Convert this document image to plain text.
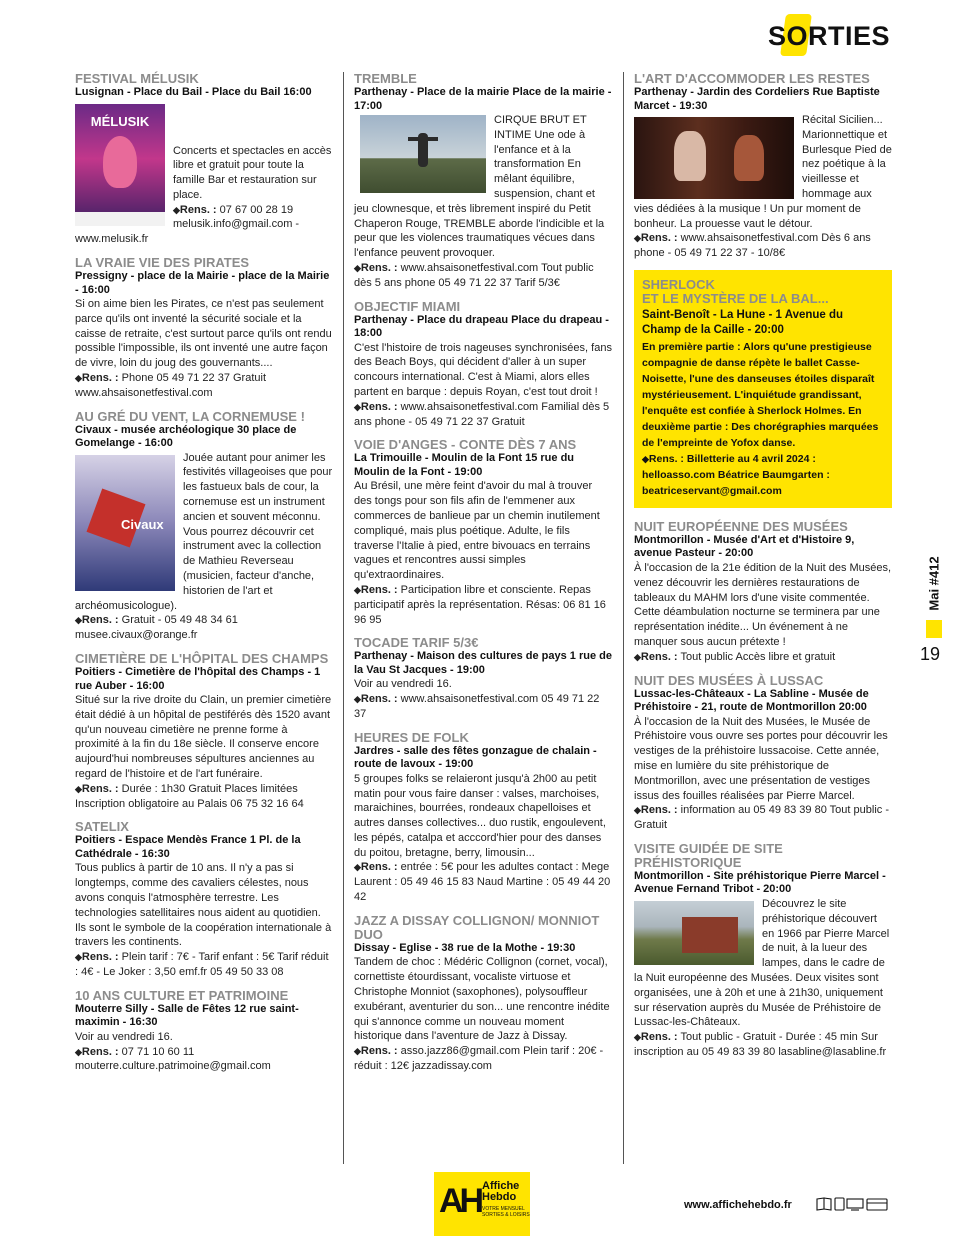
S
ORTIES
Mai #412
19
FESTIVAL MÉLUSIK
Lusignan - Place du Bail - Place du Bail 16:00
MÉLUSIK
Concerts et spectacles en accès libre et gratuit pour toute la famille Bar et restauration sur place.
◆ Rens. : 07 67 00 28 19 melusik.info@gmail.com - www.melusik.fr
LA VRAIE VIE DES PIRATES
Pressigny - place de la Mairie - place de la Mairie - 16:00
Si on aime bien les Pirates, ce n'est pas seulement parce qu'ils ont inventé la sécurité sociale et la caisse de retraite, c'est surtout parce qu'ils ont rendu possible l'impossible, ils ont inventé une autre façon de vivre, loin du joug des gouvernants....
◆ Rens. : Phone 05 49 71 22 37 Gratuit www.ahsaisonetfestival.com
AU GRÉ DU VENT, LA CORNEMUSE !
Civaux - musée archéologique 30 place de Gomelange - 16:00
Civaux
Jouée autant pour animer les festivités villageoises que pour les fastueux bals de cour, la cornemuse est un instrument ancien et souvent méconnu. Vous pourrez découvrir cet instrument avec la collection de Mathieu Reverseau (musicien, facteur d'anche, historien de l'art et archéomusicologue).
◆ Rens. : Gratuit - 05 49 48 34 61 musee.civaux@orange.fr
CIMETIÈRE DE L'HÔPITAL DES CHAMPS
Poitiers - Cimetière de l'hôpital des Champs - 1 rue Auber - 16:00
Situé sur la rive droite du Clain, un premier cimetière était dédié à un hôpital de pestiférés dès 1520 avant qu'un nouveau cimetière ne prenne forme à proximité à la fin du 18e siècle. Il conserve encore aujourd'hui nombreuses sépultures anciennes au regard de l'histoire et de l'art funéraire.
◆ Rens. : Durée : 1h30 Gratuit Places limitées Inscription obligatoire au Palais 06 75 32 16 64
SATELIX
Poitiers - Espace Mendès France 1 Pl. de la Cathédrale - 16:30
Tous publics à partir de 10 ans. Il n'y a pas si longtemps, comme des cavaliers célestes, nous avons conquis l'atmosphère terrestre. Les technologies satellitaires nous aident au quotidien. Ils sont le symbole de la coopération internationale à travers les continents.
◆ Rens. : Plein tarif : 7€ - Tarif enfant : 5€ Tarif réduit : 4€ - Le Joker : 3,50 emf.fr 05 49 50 33 08
10 ANS CULTURE ET PATRIMOINE
Mouterre Silly - Salle de Fêtes 12 rue saint-maximin - 16:30
Voir au vendredi 16.
◆ Rens. : 07 71 10 60 11 mouterre.culture.patrimoine@gmail.com
TREMBLE
Parthenay - Place de la mairie Place de la mairie - 17:00
CIRQUE BRUT ET INTIME Une ode à l'enfance et à la transformation En mêlant équilibre, suspension, chant et jeu clownesque, et très librement inspiré du Petit Chaperon Rouge, TREMBLE aborde l'indicible et la peur que les violences traumatiques vécues dans l'enfance peuvent provoquer.
◆ Rens. : www.ahsaisonetfestival.com Tout public dès 5 ans phone 05 49 71 22 37 Tarif 5/3€
OBJECTIF MIAMI
Parthenay - Place du drapeau Place du drapeau - 18:00
C'est l'histoire de trois nageuses synchronisées, fans des Beach Boys, qui décident d'aller à un super concours international. C'est à Miami, alors elles partent en barque : depuis Royan, c'est tout droit !
◆ Rens. : www.ahsaisonetfestival.com Familial dès 5 ans phone - 05 49 71 22 37 Gratuit
VOIE D'ANGES - CONTE DÈS 7 ANS
La Trimouille - Moulin de la Font 15 rue du Moulin de la Font - 19:00
Au Brésil, une mère feint d'avoir du mal à trouver des tongs pour son fils afin de l'emmener aux commerces de banlieue par un chemin inutilement compliqué, mais plus poétique. Adulte, le fils traverse l'Italie à pied, entre bivouacs en terrains vagues et rencontres aussi simples qu'extraordinaires.
◆ Rens. : Participation libre et consciente. Repas participatif après la représentation. Résas: 06 81 16 96 95
TOCADE TARIF 5/3€
Parthenay - Maison des cultures de pays 1 rue de la Vau St Jacques - 19:00
Voir au vendredi 16.
◆ Rens. : www.ahsaisonetfestival.com 05 49 71 22 37
HEURES DE FOLK
Jardres - salle des fêtes gonzague de chalain - route de lavoux - 19:00
5 groupes folks se relaieront jusqu'à 2h00 au petit matin pour vous faire danser : valses, marchoises, maraichines, bourrées, rondeaux chapelloises et autres danses collectives... duo rustik, engoulevent, les pépés, catalpa et acccord'hier pour des danses du poitou, bretagne, berry, limousin...
◆ Rens. : entrée : 5€ pour les adultes contact : Mege Laurent : 05 49 46 15 83 Naud Martine : 05 49 44 20 42
JAZZ A DISSAY COLLIGNON/ MONNIOT DUO
Dissay - Eglise - 38 rue de la Mothe - 19:30
Tandem de choc : Médéric Collignon (cornet, vocal), cornettiste étourdissant, vocaliste virtuose et Christophe Monniot (saxophones), polysouffleur exubérant, aventurier du son... une rencontre inédite qui s'annonce comme un nouveau moment historique dans l'aventure de Jazz à Dissay.
◆ Rens. : asso.jazz86@gmail.com Plein tarif : 20€ - réduit : 12€ jazzadissay.com
L'ART D'ACCOMMODER LES RESTES
Parthenay - Jardin des Cordeliers Rue Baptiste Marcet - 19:30
Récital Sicilien... Marionnettique et Burlesque Pied de nez poétique à la vieillesse et hommage aux vies dédiées à la musique ! Un pur moment de bonheur. La prouesse vaut le détour.
◆ Rens. : www.ahsaisonetfestival.com Dès 6 ans phone - 05 49 71 22 37 - 10/8€
SHERLOCK
ET LE MYSTÈRE DE LA BAL...
Saint-Benoît - La Hune - 1 Avenue du Champ de la Caille - 20:00
En première partie : Alors qu'une prestigieuse compagnie de danse répète le ballet Casse- Noisette, l'une des danseuses étoiles disparaît mystérieusement. L'inquiétude grandissant, l'enquête est confiée à Sherlock Holmes. En deuxième partie : Des chorégraphies marquées de l'empreinte de Yofox danse.
◆ Rens. : Billetterie au 4 avril 2024 : helloasso.com Béatrice Baumgarten : beatriceservant@gmail.com
NUIT EUROPÉENNE DES MUSÉES
Montmorillon - Musée d'Art et d'Histoire 9, avenue Pasteur - 20:00
À l'occasion de la 21e édition de la Nuit des Musées, venez découvrir les dernières restaurations de tableaux du MAHM lors d'une visite commentée. Cette déambulation nocturne se terminera par une représentation inédite... Un événement à ne manquer sous aucun prétexte !
◆ Rens. : Tout public Accès libre et gratuit
NUIT DES MUSÉES À LUSSAC
Lussac-les-Châteaux - La Sabline - Musée de Préhistoire - 21, route de Montmorillon 20:00
À l'occasion de la Nuit des Musées, le Musée de Préhistoire vous ouvre ses portes pour découvrir les vestiges de la préhistoire lussacoise. Cette année, mise en lumière du site préhistorique de Montmorillon, avec une présentation de vestiges issus des fouilles réalisées par Pierre Marcel.
◆ Rens. : information au 05 49 83 39 80 Tout public - Gratuit
VISITE GUIDÉE DE SITE PRÉHISTORIQUE
Montmorillon - Site préhistorique Pierre Marcel - Avenue Fernand Tribot - 20:00
Découvrez le site préhistorique découvert en 1966 par Pierre Marcel de nuit, à la lueur des lampes, dans le cadre de la Nuit européenne des Musées. Deux visites sont organisées, une à 20h et une à 21h30, uniquement sur réservation auprès du Musée de Préhistoire de Lussac-les-Châteaux.
◆ Rens. : Tout public - Gratuit - Durée : 45 min Sur inscription au 05 49 83 39 80 lasabline@lasabline.fr
AH Affiche
Hebdo
VOTRE MENSUEL
SORTIES & LOISIRS
www.affichehebdo.fr
